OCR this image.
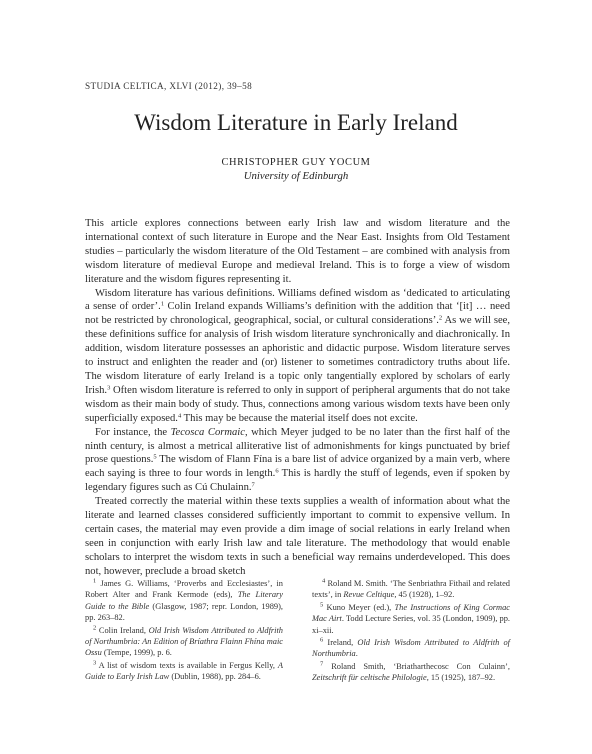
STUDIA CELTICA, XLVI (2012), 39–58
Wisdom Literature in Early Ireland
CHRISTOPHER GUY YOCUM
University of Edinburgh

This article explores connections between early Irish law and wisdom literature and the international context of such literature in Europe and the Near East. Insights from Old Testament studies – particularly the wisdom literature of the Old Testament – are combined with analysis from wisdom literature of medieval Europe and medieval Ireland. This is to forge a view of wisdom literature and the wisdom figures representing it.

Wisdom literature has various definitions. Williams defined wisdom as ‘dedicated to articulating a sense of order’.$^1$ Colin Ireland expands Williams’s definition with the addition that ‘[it] … need not be restricted by chronological, geographical, social, or cultural considerations’.$^2$ As we will see, these definitions suffice for analysis of Irish wisdom literature synchronically and diachronically. In addition, wisdom literature possesses an aphoristic and didactic purpose. Wisdom literature serves to instruct and enlighten the reader and (or) listener to sometimes contradictory truths about life. The wisdom literature of early Ireland is a topic only tangentially explored by scholars of early Irish.$^3$ Often wisdom literature is referred to only in support of peripheral arguments that do not take wisdom as their main body of study. Thus, connections among various wisdom texts have been only superficially exposed.$^4$ This may be because the material itself does not excite.

For instance, the Tecosca Cormaic, which Meyer judged to be no later than the first half of the ninth century, is almost a metrical alliterative list of admonishments for kings punctuated by brief prose questions.$^5$ The wisdom of Flann Fína is a bare list of advice organized by a main verb, where each saying is three to four words in length.$^6$ This is hardly the stuff of legends, even if spoken by legendary figures such as Cú Chulainn.$^7$

Treated correctly the material within these texts supplies a wealth of information about what the literate and learned classes considered sufficiently important to commit to expensive vellum. In certain cases, the material may even provide a dim image of social relations in early Ireland when seen in conjunction with early Irish law and tale literature. The methodology that would enable scholars to interpret the wisdom texts in such a beneficial way remains underdeveloped. This does not, however, preclude a broad sketch

$^1$ James G. Williams, ‘Proverbs and Ecclesiastes’, in Robert Alter and Frank Kermode (eds), The Literary Guide to the Bible (Glasgow, 1987; repr. London, 1989), pp. 263–82.

$^2$ Colin Ireland, Old Irish Wisdom Attributed to Aldfrith of Northumbria: An Edition of Bríathra Flainn Fhína maic Ossu (Tempe, 1999), p. 6.

$^3$ A list of wisdom texts is available in Fergus Kelly, A Guide to Early Irish Law (Dublin, 1988), pp. 284–6.

$^4$ Roland M. Smith. ‘The Senbriathra Fithail and related texts’, in Revue Celtique, 45 (1928), 1–92.

$^5$ Kuno Meyer (ed.), The Instructions of King Cormac Mac Airt. Todd Lecture Series, vol. 35 (London, 1909), pp. xi–xii.

$^6$ Ireland, Old Irish Wisdom Attributed to Aldfrith of Northumbria.

$^7$ Roland Smith, ‘Briatharthecosc Con Culainn’, Zeitschrift für celtische Philologie, 15 (1925), 187–92.
